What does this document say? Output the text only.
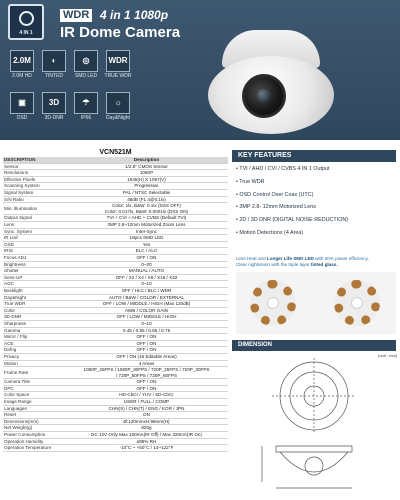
4 IN 1
WDR 4 in 1 1080p
IR Dome Camera
2.0M
2.0M HD
◐
TINTED
◎
SMD LED
WDR
TRUE WDR
▣
OSD
3D
3D-DNR
☂
IP66
☼
Day&Night
VCN521M
DESCRIPTION	Description
Sensor	1/2.8" CMOS Sensor
Resolutions	1080P
Effective Pixels	1945(H) X 1097(V)
Scanning System	Progressive
Signal System	PAL / NTSC Selectable
S/N Ratio	48dB (F1.4@0.1lx)
Min. Illumination	Color: 1lx, B&W: 0.1lx (DSS OFF)
Color: 0.017lx, B&W: 0.0001lx (DSS ON)
Output Signal	TVI + CVI + AHD + CVBS (Default TVI)
Lens	3MP 2.8~12mm Motorized Zoom Lens
Sync. System	Inter-Sync
IR Led	18pcs SMD LED
OSD	Yes
IRIS	ELC / ALC
Focus ADJ	OFF / ON
Brightness	0~20
Shutter	MANUAL / AUTO
Sens-UP	OFF / X2 / X4 / X8 / X16 / X32
AGC	0~10
Backlight	OFF / HLC / BLC / WDR
Day&Night	AUTO / B&W / COLOR / EXTERNAL
True WDR	OFF / LOW / MIDDLE / HIGH (Max 120dB)
Color	AWB / COLOR GAIN
3D-DNR	OFF / LOW / MIDDLE / HIGH
Sharpness	0~10
Gamma	0.45 / 0.55 / 0.65 / 0.75
Mirror / Flip	OFF / ON
ACE	OFF / ON
Defog	OFF / ON
Privacy	OFF / ON (16 Editable Areas)
Motion	4 Areas
Frame Rate	1080P_25FPS / 1080P_30FPS / 720P_25FPS / 720P_30FPS
/ 720P_50FPS / 720P_60FPS
Camera Title	OFF / ON
DPC	OFF / ON
Color Space	HD-CbCr / YUV / SD-CbCr
Image Range	USER / FULL / COMP
Languages	CHN(S) / CHN(T) / ENG / KOR / JPN
Reset	ON
Dimensions(mm)	Ø:120mmxH:96mm(H)
Net Weight(g)	820g
Power Consumption	DC 12V Only Max 100mA(IR Off) / Max 320mA(IR On)
Operation Humidity	≤95% RH
Operation Temperature	-10°C ~ +50°C / 14~122°F
KEY FEATURES
• TVI / AHD / CVI / CVBS 4 IN 1 Output
• True WDR
• OSD Control Over Coax (UTC)
• 3MP 2.8- 12mm Motorized Lens
• 2D / 3D DNR (DIGITAL NOISE REDUCTION)
• Motion Detections (4 Area)
Less Heat and Longer Life SMD LED with 20% power efficiency.
Clear nightvision with the triple layer tinted glass.
DIMENSION
(unit : mm)
